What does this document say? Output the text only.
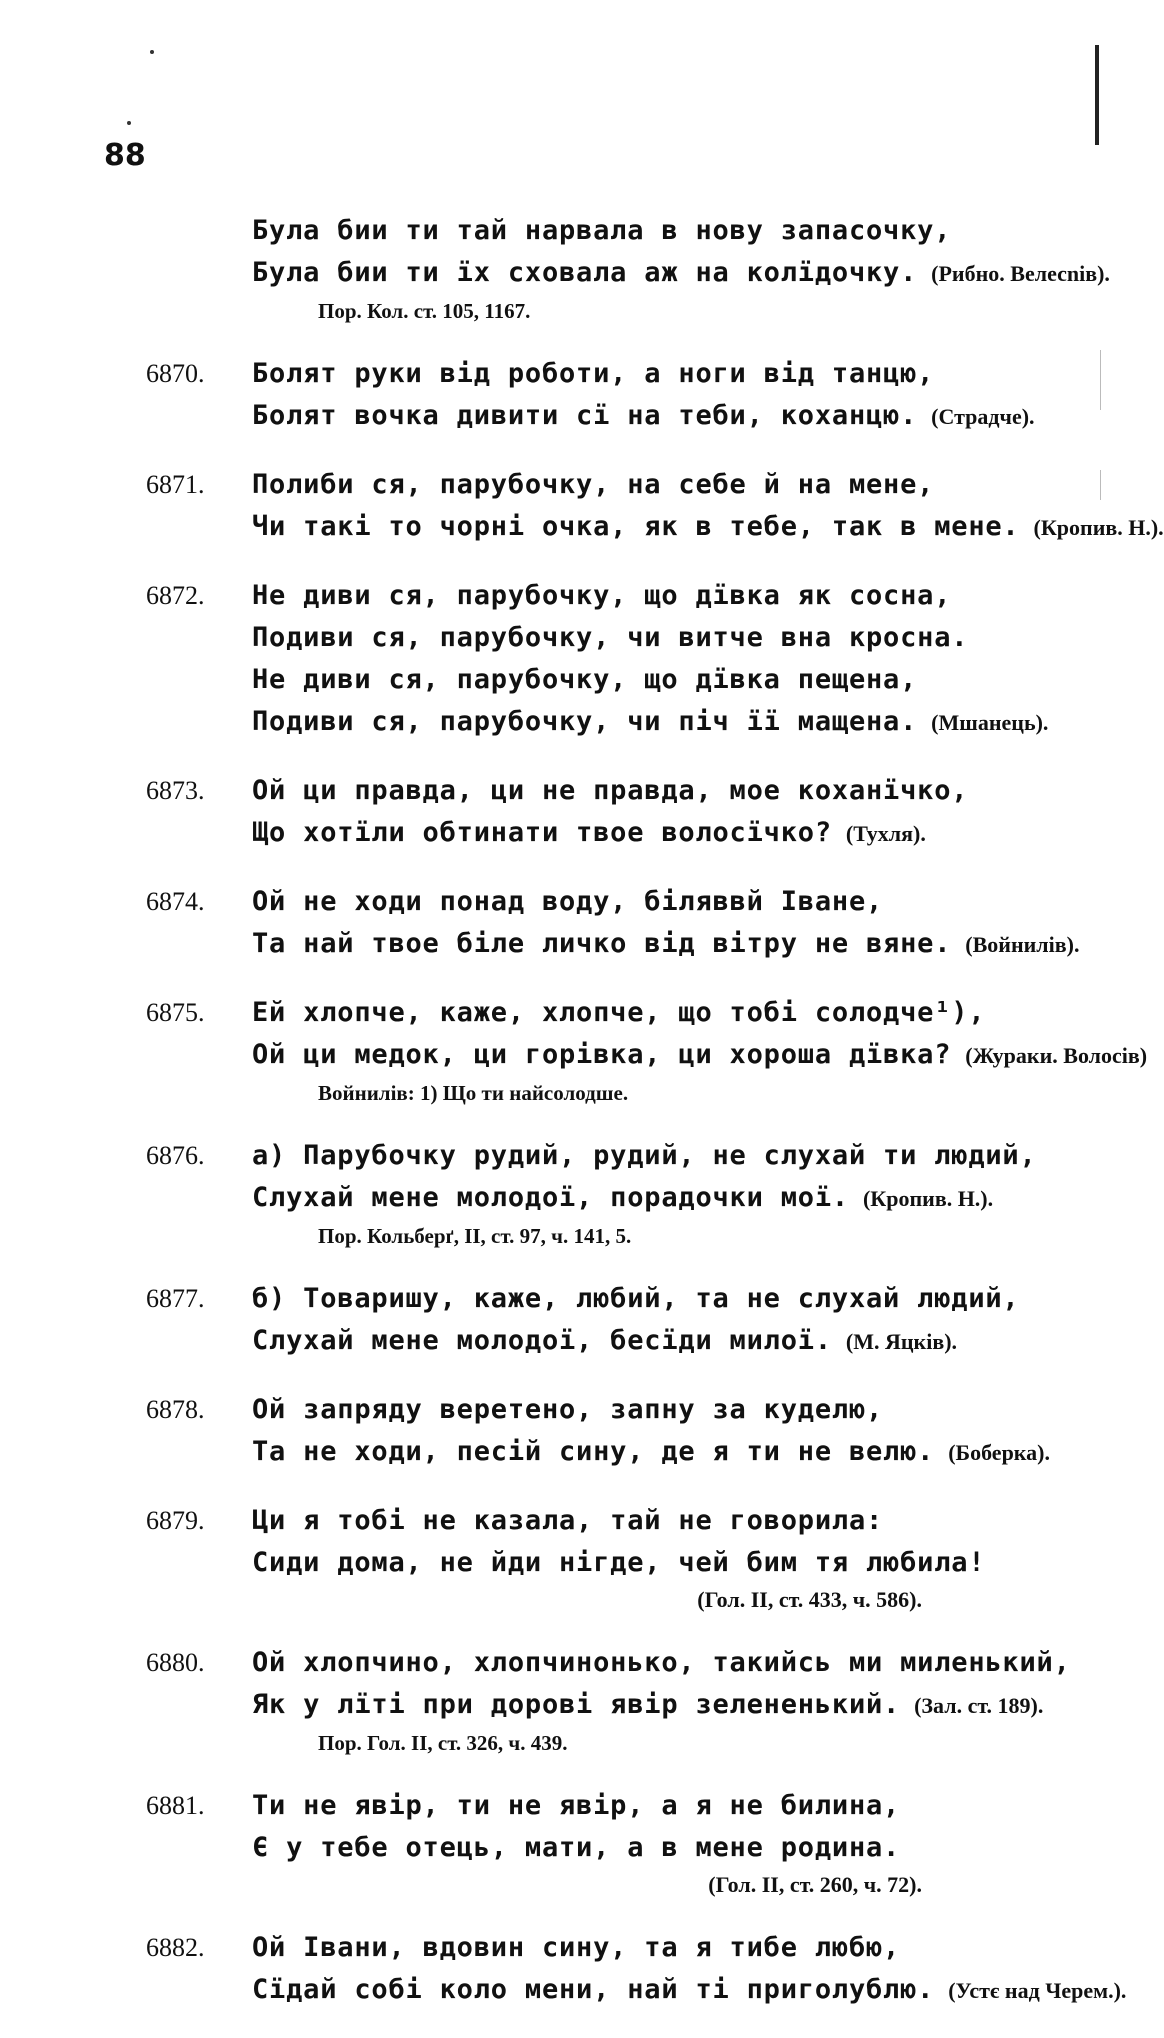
88
Була бии ти тай нарвала в нову запасочку,
Була бии ти їх сховала аж на колїдочку. (Рибно. Велесnів).
Пор. Кол. ст. 105, 1167.
6870. Болят руки від роботи, а ноги від танцю,
Болят вочка дивити сї на теби, коханцю. (Стрaдче).
6871. Полиби ся, парубочку, на себе й на мене,
Чи такі то чорні очка, як в тебе, так в мене. (Кропив. Н.).
6872. Не диви ся, парубочку, що дївка як сосна,
Подиви ся, парубочку, чи витче вна кросна.
Не диви ся, парубочку, що дївка пещена,
Подиви ся, парубочку, чи піч її мащена. (Мшанець).
6873. Ой ци правда, ци не правда, мое коханїчко,
Що хотїли обтинати твое волосїчко? (Тухля).
6874. Ой не ходи понад воду, біляввй Іване,
Та най твое біле личко від вітру не вяне. (Войнилів).
6875. Ей хлопче, каже, хлопче, що тобі солодче¹),
Ой ци медок, ци горівка, ци хороша дївка? (Жураки. Волосів)
Войнилів: 1) Що ти найсолодше.
6876. а) Парубочку рудий, рудий, не слухай ти людий,
Слухай мене молодої, порадочки мої. (Кропив. Н.).
Пор. Кольберґ, II, ст. 97, ч. 141, 5.
6877. б) Товаришу, каже, любий, та не слухай людий,
Слухай мене молодої, бесїди милої. (М. Яцків).
6878. Ой запряду веретено, запну за куделю,
Та не ходи, песій сину, де я ти не велю. (Боберка).
6879. Ци я тобі не казала, тай не говорила:
Сиди дома, не йди нігде, чей бим тя любила!
(Гол. II, ст. 433, ч. 586).
6880. Ой хлопчино, хлопчинонько, такийсь ми миленький,
Як у лїті при дорові явір зелененький. (Зал. ст. 189).
Пор. Гол. II, ст. 326, ч. 439.
6881. Ти не явір, ти не явір, а я не билина,
Є у тебе отець, мати, а в мене родина.
(Гол. II, ст. 260, ч. 72).
6882. Ой Івани, вдовин сину, та я тибе любю,
Сїдай собі коло мени, най ті приголублю. (Устє над Черем.).
